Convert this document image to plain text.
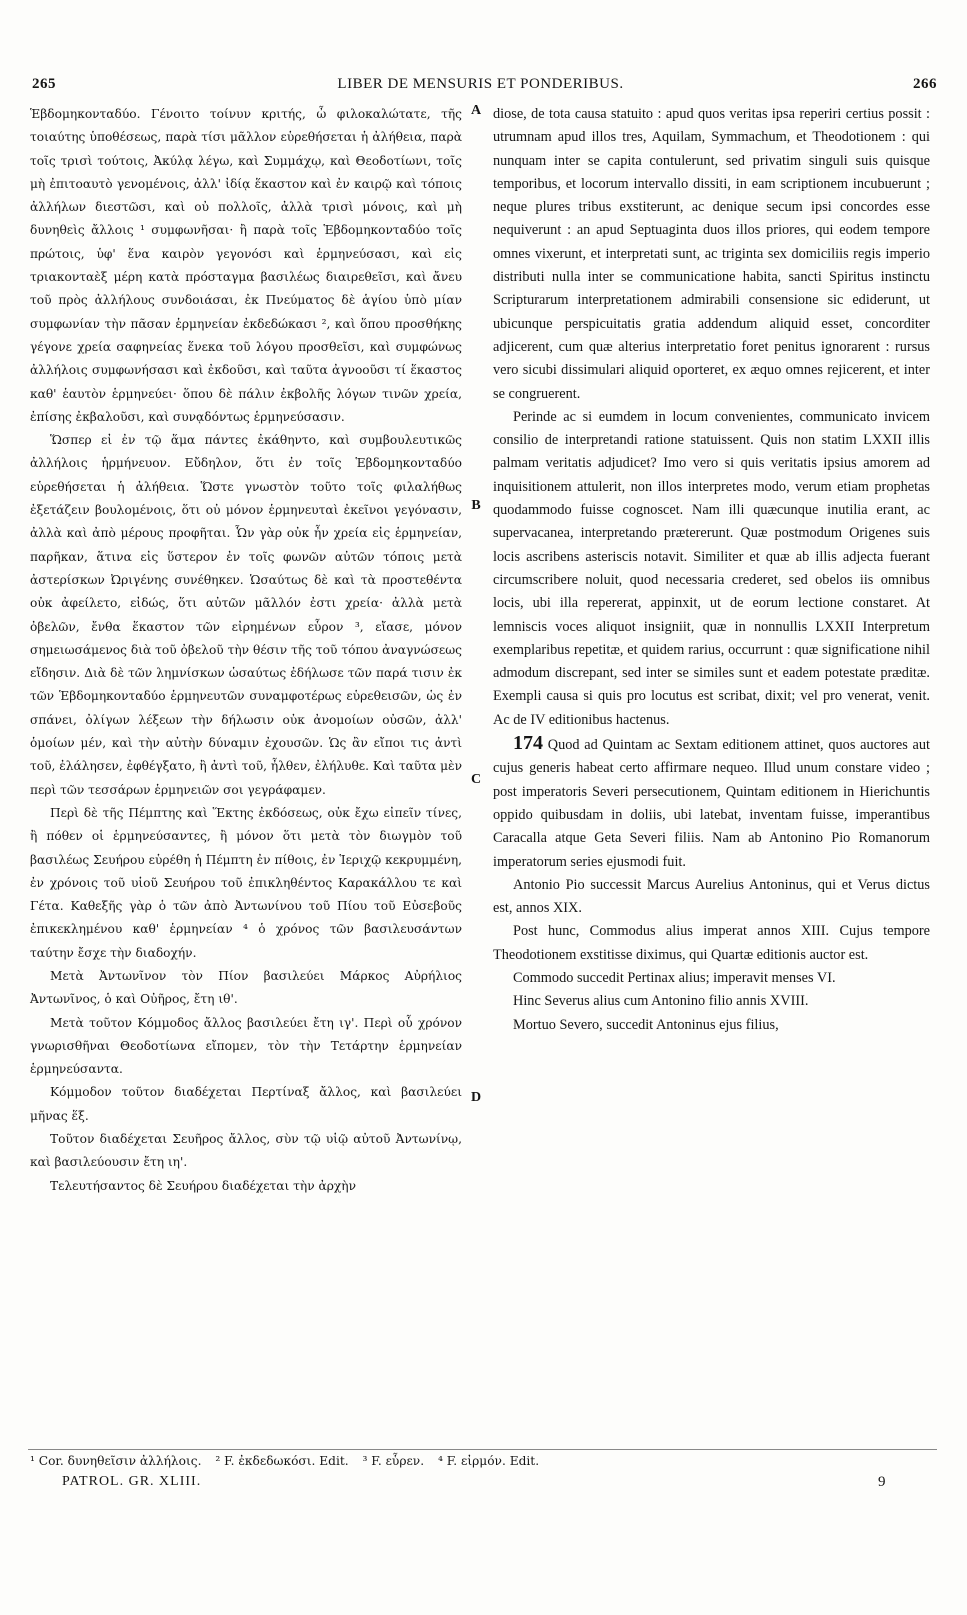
265	LIBER DE MENSURIS ET PONDERIBUS.	266

Ἑβδομηκονταδύο. Γένοιτο τοίνυν κριτής, ὦ φιλοκαλώτατε, τῆς τοιαύτης ὑποθέσεως, παρὰ τίσι μᾶλλον εὑρεθήσεται ἡ ἀλήθεια, παρὰ τοῖς τρισὶ τούτοις, Ἀκύλᾳ λέγω, καὶ Συμμάχῳ, καὶ Θεοδοτίωνι, τοῖς μὴ ἐπιτοαυτὸ γενομένοις, ἀλλ' ἰδίᾳ ἕκαστον καὶ ἐν καιρῷ καὶ τόποις ἀλλήλων διεστῶσι, καὶ οὐ πολλοῖς, ἀλλὰ τρισὶ μόνοις, καὶ μὴ δυνηθεὶς ἄλλοις ¹ συμφωνῆσαι· ἢ παρὰ τοῖς Ἑβδομηκονταδύο τοῖς πρώτοις, ὑφ' ἕνα καιρὸν γεγονόσι καὶ ἑρμηνεύσασι, καὶ εἰς τριακονταὲξ μέρη κατὰ πρόσταγμα βασιλέως διαιρεθεῖσι, καὶ ἄνευ τοῦ πρὸς ἀλλήλους συνδοιάσαι, ἐκ Πνεύματος δὲ ἁγίου ὑπὸ μίαν συμφωνίαν τὴν πᾶσαν ἑρμηνείαν ἐκδεδώκασι ², καὶ ὅπου προσθήκης γέγονε χρεία σαφηνείας ἕνεκα τοῦ λόγου προσθεῖσι, καὶ συμφώνως ἀλλήλοις συμφωνήσασι καὶ ἐκδοῦσι, καὶ ταῦτα ἀγνοοῦσι τί ἕκαστος καθ' ἑαυτὸν ἑρμηνεύει· ὅπου δὲ πάλιν ἐκβολῆς λόγων τινῶν χρεία, ἐπίσης ἐκβαλοῦσι, καὶ συνᾳδόντως ἑρμηνεύσασιν.

Ὥσπερ εἰ ἐν τῷ ἅμα πάντες ἐκάθηντο, καὶ συμβουλευτικῶς ἀλλήλοις ἡρμήνευον. Εὔδηλον, ὅτι ἐν τοῖς Ἑβδομηκονταδύο εὑρεθήσεται ἡ ἀλήθεια. Ὥστε γνωστὸν τοῦτο τοῖς φιλαλήθως ἐξετάζειν βουλομένοις, ὅτι οὐ μόνον ἑρμηνευταὶ ἐκεῖνοι γεγόνασιν, ἀλλὰ καὶ ἀπὸ μέρους προφῆται. Ὧν γὰρ οὐκ ἦν χρεία εἰς ἑρμηνείαν, παρῆκαν, ἅτινα εἰς ὕστερον ἐν τοῖς φωνῶν αὐτῶν τόποις μετὰ ἀστερίσκων Ὠριγένης συνέθηκεν. Ὡσαύτως δὲ καὶ τὰ προστεθέντα οὐκ ἀφείλετο, εἰδώς, ὅτι αὐτῶν μᾶλλόν ἐστι χρεία· ἀλλὰ μετὰ ὀβελῶν, ἔνθα ἕκαστον τῶν εἰρημένων εὗρον ³, εἴασε, μόνον σημειωσάμενος διὰ τοῦ ὀβελοῦ τὴν θέσιν τῆς τοῦ τόπου ἀναγνώσεως εἴδησιν. Διὰ δὲ τῶν λημνίσκων ὡσαύτως ἐδήλωσε τῶν παρά τισιν ἐκ τῶν Ἑβδομηκονταδύο ἑρμηνευτῶν συναμφοτέρως εὑρεθεισῶν, ὡς ἐν σπάνει, ὀλίγων λέξεων τὴν δήλωσιν οὐκ ἀνομοίων οὐσῶν, ἀλλ' ὁμοίων μέν, καὶ τὴν αὐτὴν δύναμιν ἐχουσῶν. Ὡς ἂν εἴποι τις ἀντὶ τοῦ, ἐλάλησεν, ἐφθέγξατο, ἢ ἀντὶ τοῦ, ἦλθεν, ἐλήλυθε. Καὶ ταῦτα μὲν περὶ τῶν τεσσάρων ἑρμηνειῶν σοι γεγράφαμεν.

Περὶ δὲ τῆς Πέμπτης καὶ Ἕκτης ἐκδόσεως, οὐκ ἔχω εἰπεῖν τίνες, ἢ πόθεν οἱ ἑρμηνεύσαντες, ἢ μόνον ὅτι μετὰ τὸν διωγμὸν τοῦ βασιλέως Σευήρου εὑρέθη ἡ Πέμπτη ἐν πίθοις, ἐν Ἱεριχῷ κεκρυμμένη, ἐν χρόνοις τοῦ υἱοῦ Σευήρου τοῦ ἐπικληθέντος Καρακάλλου τε καὶ Γέτα. Καθεξῆς γὰρ ὁ τῶν ἀπὸ Ἀντωνίνου τοῦ Πίου τοῦ Εὐσεβοῦς ἐπικεκλημένου καθ' ἑρμηνείαν ⁴ ὁ χρόνος τῶν βασιλευσάντων ταύτην ἔσχε τὴν διαδοχήν.

Μετὰ Ἀντωνῖνον τὸν Πίον βασιλεύει Μάρκος Αὐρήλιος Ἀντωνῖνος, ὁ καὶ Οὐῆρος, ἔτη ιθ'.

Μετὰ τοῦτον Κόμμοδος ἄλλος βασιλεύει ἔτη ιγ'. Περὶ οὗ χρόνον γνωρισθῆναι Θεοδοτίωνα εἴπομεν, τὸν τὴν Τετάρτην ἑρμηνείαν ἑρμηνεύσαντα.

Κόμμοδον τοῦτον διαδέχεται Περτίναξ ἄλλος, καὶ βασιλεύει μῆνας ἕξ.

Τοῦτον διαδέχεται Σευῆρος ἄλλος, σὺν τῷ υἱῷ αὐτοῦ Ἀντωνίνῳ, καὶ βασιλεύουσιν ἔτη ιη'.

Τελευτήσαντος δὲ Σευήρου διαδέχεται τὴν ἀρχὴν

A
B
C
D

diose, de tota causa statuito : apud quos veritas ipsa reperiri certius possit : utrumnam apud illos tres, Aquilam, Symmachum, et Theodotionem : qui nunquam inter se capita contulerunt, sed privatim singuli suis quisque temporibus, et locorum intervallo dissiti, in eam scriptionem incubuerunt ; neque plures tribus exstiterunt, ac denique secum ipsi concordes esse nequiverunt : an apud Septuaginta duos illos priores, qui eodem tempore omnes vixerunt, et interpretati sunt, ac triginta sex domiciliis regis imperio distributi nulla inter se communicatione habita, sancti Spiritus instinctu Scripturarum interpretationem admirabili consensione sic ediderunt, ut ubicunque perspicuitatis gratia addendum aliquid esset, concorditer adjicerent, cum quæ alterius interpretatio foret penitus ignorarent : rursus vero sicubi dissimulari aliquid oporteret, ex æquo omnes rejicerent, et inter se congruerent.

Perinde ac si eumdem in locum convenientes, communicato invicem consilio de interpretandi ratione statuissent. Quis non statim LXXII illis palmam veritatis adjudicet? Imo vero si quis veritatis ipsius amorem ad inquisitionem attulerit, non illos interpretes modo, verum etiam prophetas quodammodo fuisse cognoscet. Nam illi quæcunque inutilia erant, ac supervacanea, interpretando prætererunt. Quæ postmodum Origenes suis locis ascribens asteriscis notavit. Similiter et quæ ab illis adjecta fuerant circumscribere noluit, quod necessaria crederet, sed obelos iis omnibus locis, ubi illa repererat, appinxit, ut de eorum lectione constaret. At lemniscis voces aliquot insigniit, quæ in nonnullis LXXII Interpretum exemplaribus repetitæ, et quidem rarius, occurrunt : quæ significatione nihil admodum discrepant, sed inter se similes sunt et eadem potestate præditæ. Exempli causa si quis pro locutus est scribat, dixit; vel pro venerat, venit. Ac de IV editionibus hactenus.

174 Quod ad Quintam ac Sextam editionem attinet, quos auctores aut cujus generis habeat certo affirmare nequeo. Illud unum constare video ; post imperatoris Severi persecutionem, Quintam editionem in Hierichuntis oppido quibusdam in doliis, ubi latebat, inventam fuisse, imperantibus Caracalla atque Geta Severi filiis. Nam ab Antonino Pio Romanorum imperatorum series ejusmodi fuit.

Antonio Pio successit Marcus Aurelius Antoninus, qui et Verus dictus est, annos XIX.

Post hunc, Commodus alius imperat annos XIII. Cujus tempore Theodotionem exstitisse diximus, qui Quartæ editionis auctor est.

Commodo succedit Pertinax alius; imperavit menses VI.

Hinc Severus alius cum Antonino filio annis XVIII.

Mortuo Severo, succedit Antoninus ejus filius,

¹ Cor. δυνηθεῖσιν ἀλλήλοις. ² F. ἐκδεδωκόσι. Edit. ³ F. εὗρεν. ⁴ F. εἰρμόν. Edit.
PATROL. GR. XLIII.	9
